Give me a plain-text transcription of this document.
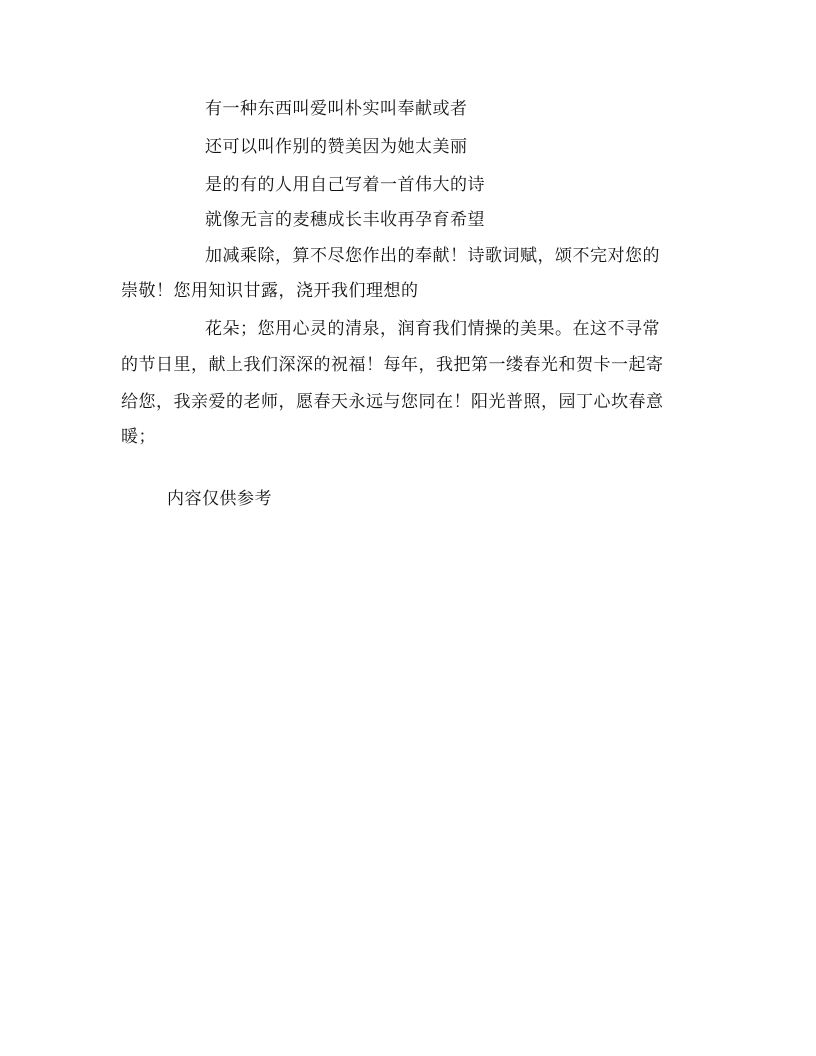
有一种东西叫爱叫朴实叫奉献或者
还可以叫作别的赞美因为她太美丽
是的有的人用自己写着一首伟大的诗
就像无言的麦穗成长丰收再孕育希望
加减乘除，算不尽您作出的奉献！诗歌词赋，颂不完对您的
崇敬！您用知识甘露，浇开我们理想的
花朵；您用心灵的清泉，润育我们情操的美果。在这不寻常
的节日里，献上我们深深的祝福！每年，我把第一缕春光和贺卡一起寄
给您，我亲爱的老师，愿春天永远与您同在！阳光普照，园丁心坎春意
暖；
内容仅供参考
